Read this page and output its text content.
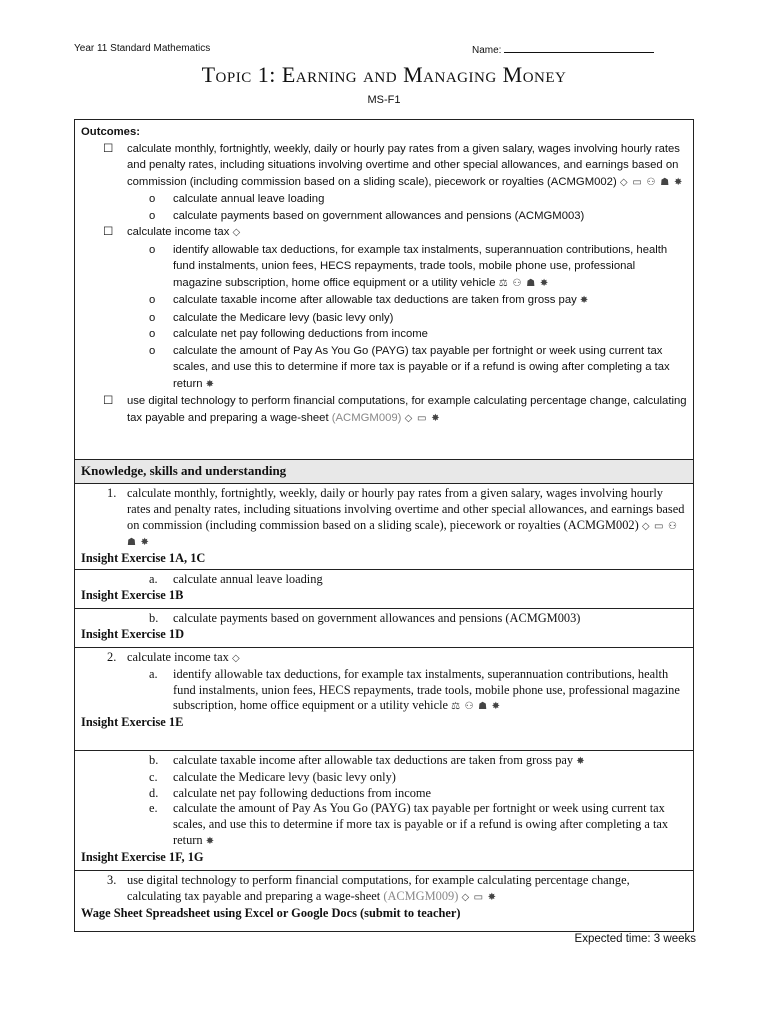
Year 11 Standard Mathematics	Name:
Topic 1: Earning and Managing Money
MS-F1
Outcomes:
☐ calculate monthly, fortnightly, weekly, daily or hourly pay rates from a given salary, wages involving hourly rates and penalty rates, including situations involving overtime and other special allowances, and earnings based on commission (including commission based on a sliding scale), piecework or royalties (ACMGM002) ◇ ▭ ⚇ ☗ ✸
o calculate annual leave loading
o calculate payments based on government allowances and pensions (ACMGM003)
☐ calculate income tax ◇
o identify allowable tax deductions, for example tax instalments, superannuation contributions, health fund instalments, union fees, HECS repayments, trade tools, mobile phone use, professional magazine subscription, home office equipment or a utility vehicle ⚖ ⚇ ☗ ✸
o calculate taxable income after allowable tax deductions are taken from gross pay ✸
o calculate the Medicare levy (basic levy only)
o calculate net pay following deductions from income
o calculate the amount of Pay As You Go (PAYG) tax payable per fortnight or week using current tax scales, and use this to determine if more tax is payable or if a refund is owing after completing a tax return ✸
☐ use digital technology to perform financial computations, for example calculating percentage change, calculating tax payable and preparing a wage-sheet (ACMGM009) ◇ ▭ ✸
Knowledge, skills and understanding
1. calculate monthly, fortnightly, weekly, daily or hourly pay rates from a given salary, wages involving hourly rates and penalty rates, including situations involving overtime and other special allowances, and earnings based on commission (including commission based on a sliding scale), piecework or royalties (ACMGM002) ◇ ▭ ⚇ ☗ ✸
Insight Exercise 1A, 1C
a. calculate annual leave loading
Insight Exercise 1B
b. calculate payments based on government allowances and pensions (ACMGM003)
Insight Exercise 1D
2. calculate income tax ◇
a. identify allowable tax deductions, for example tax instalments, superannuation contributions, health fund instalments, union fees, HECS repayments, trade tools, mobile phone use, professional magazine subscription, home office equipment or a utility vehicle ⚖ ⚇ ☗ ✸
Insight Exercise 1E
b. calculate taxable income after allowable tax deductions are taken from gross pay ✸
c. calculate the Medicare levy (basic levy only)
d. calculate net pay following deductions from income
e. calculate the amount of Pay As You Go (PAYG) tax payable per fortnight or week using current tax scales, and use this to determine if more tax is payable or if a refund is owing after completing a tax return ✸
Insight Exercise 1F, 1G
3. use digital technology to perform financial computations, for example calculating percentage change, calculating tax payable and preparing a wage-sheet (ACMGM009) ◇ ▭ ✸
Wage Sheet Spreadsheet using Excel or Google Docs (submit to teacher)
Expected time: 3 weeks
